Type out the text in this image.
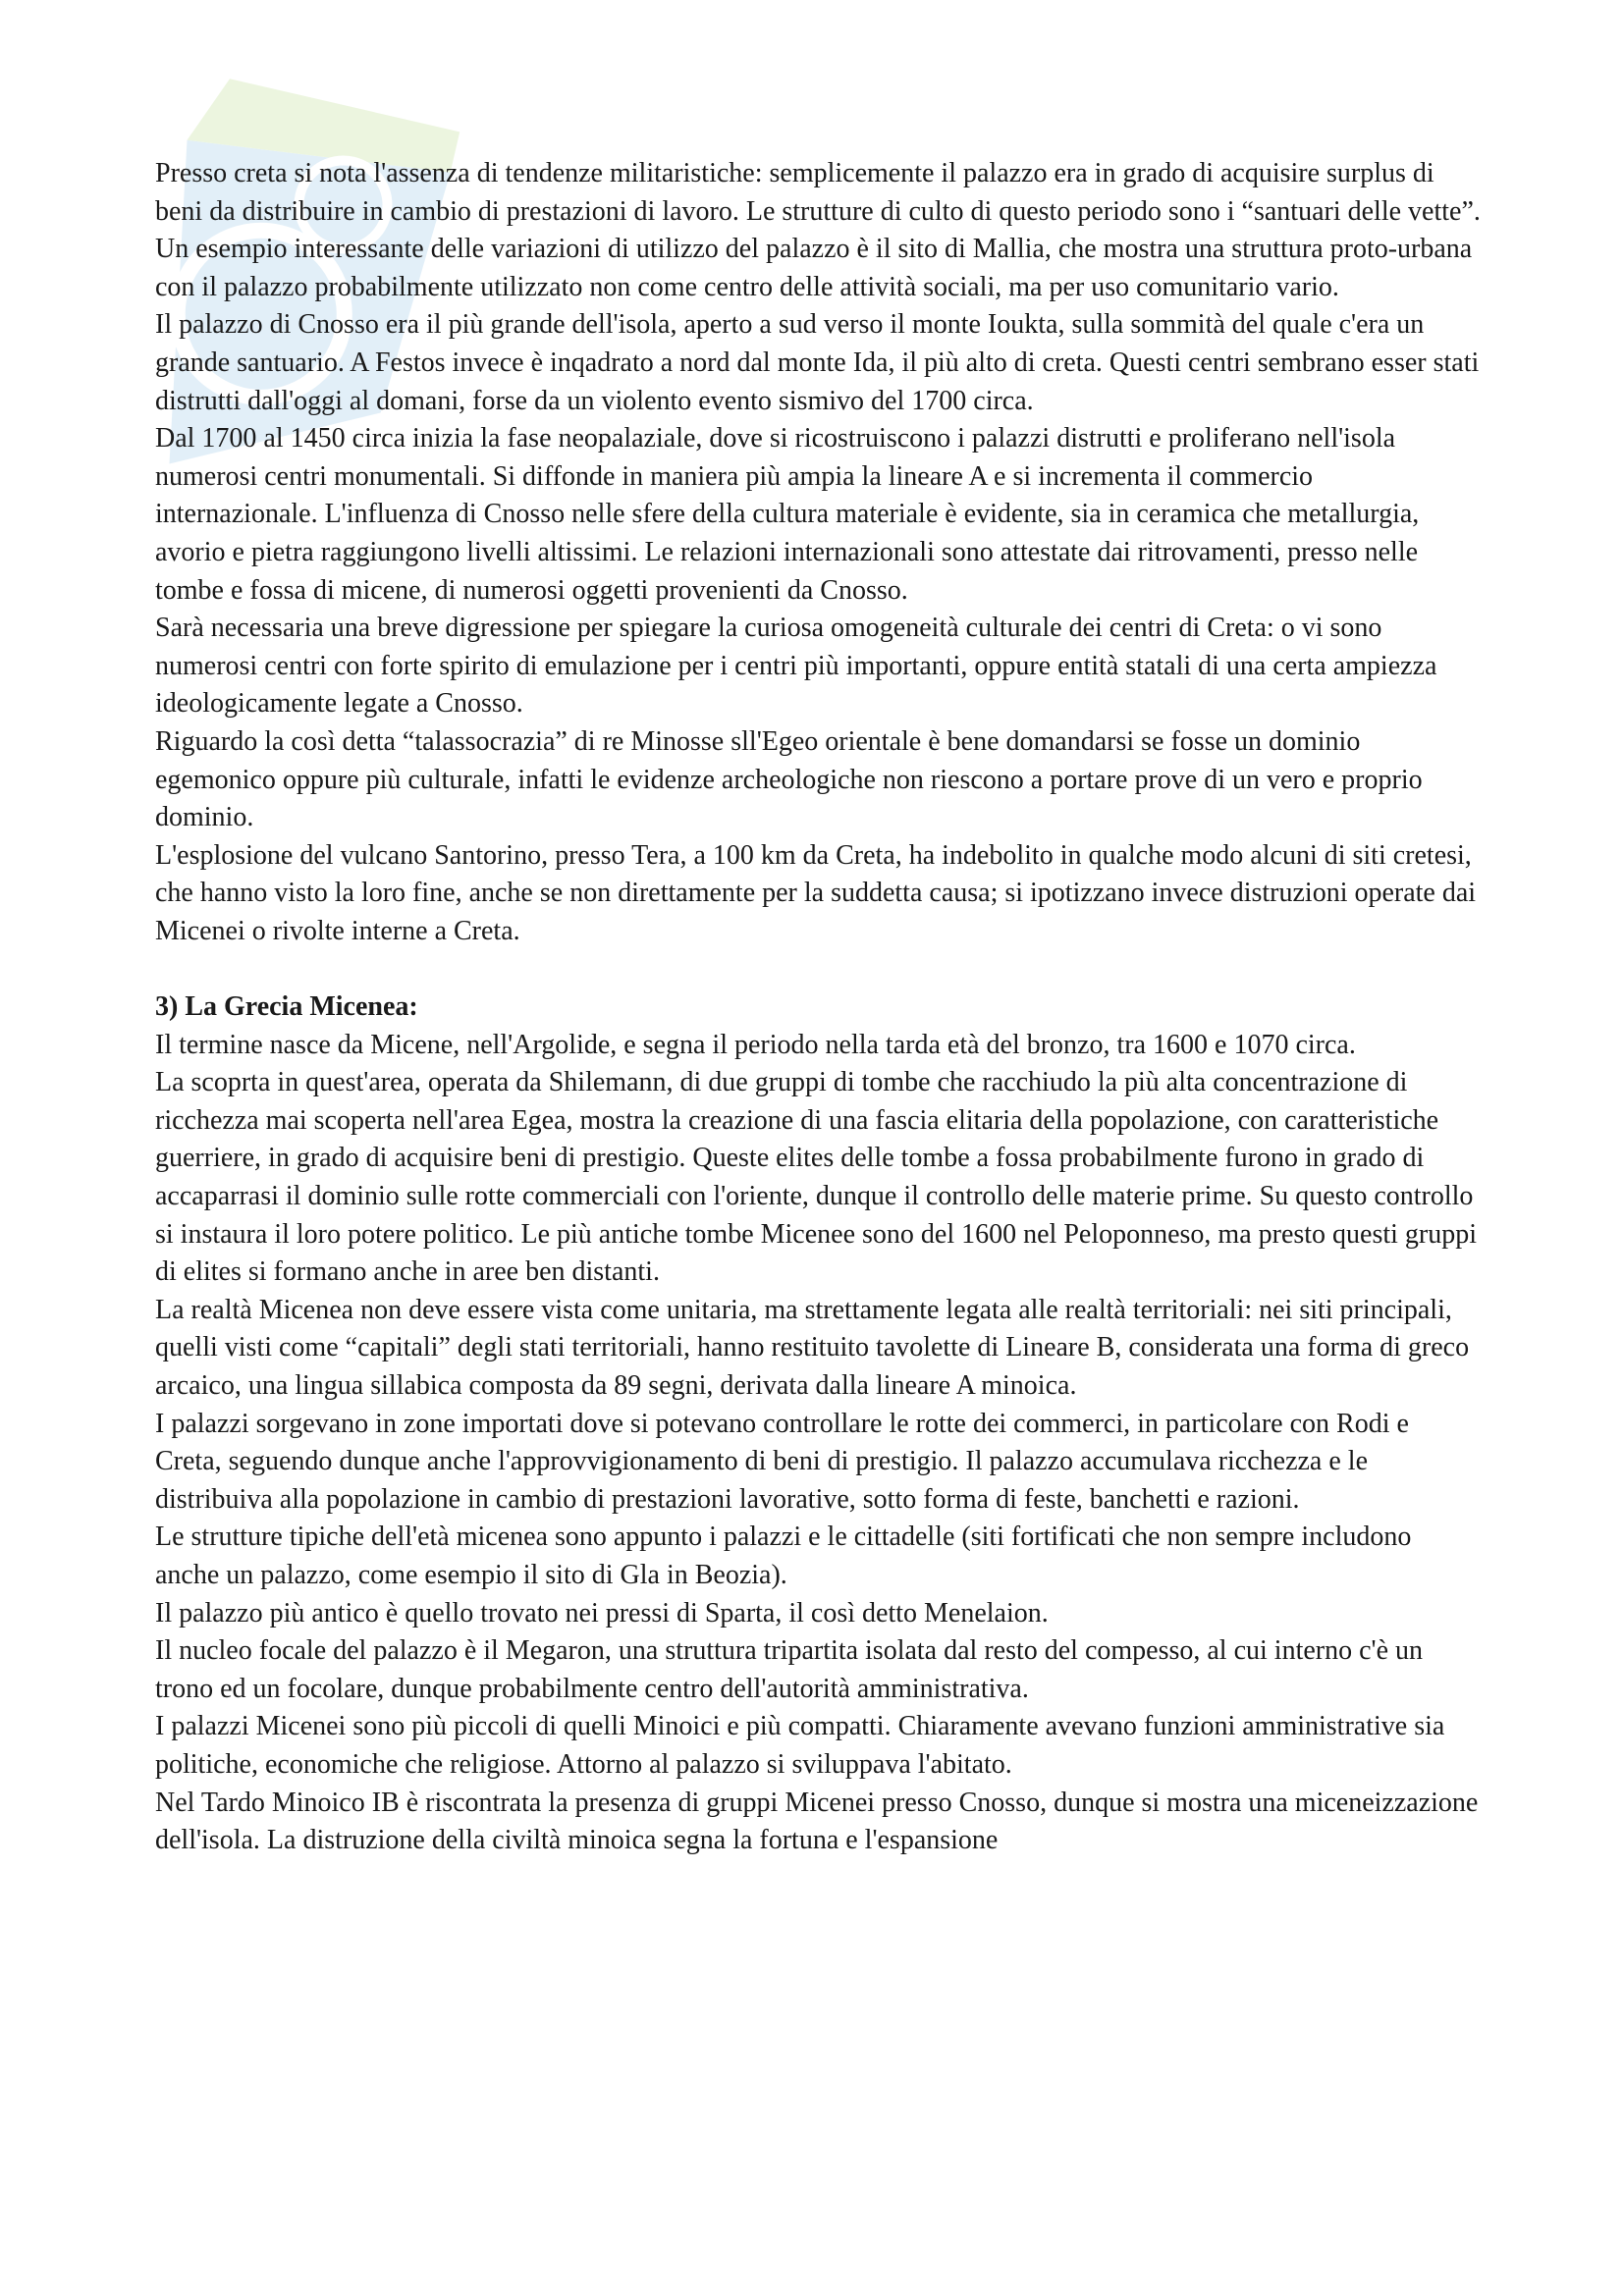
Presso creta si nota l'assenza di tendenze militaristiche: semplicemente il palazzo era in grado di acquisire surplus di beni da distribuire in cambio di prestazioni di lavoro. Le strutture di culto di questo periodo sono i “santuari delle vette”. Un esempio interessante delle variazioni di utilizzo del palazzo è il sito di Mallia, che mostra una struttura proto-urbana con il palazzo probabilmente utilizzato non come centro delle attività sociali, ma per uso comunitario vario.

Il palazzo di Cnosso era il più grande dell'isola, aperto a sud verso il monte Ioukta, sulla sommità del quale c'era un grande santuario. A Festos invece è inqadrato a nord dal monte Ida, il più alto di creta. Questi centri sembrano esser stati distrutti dall'oggi al domani, forse da un violento evento sismivo del 1700 circa.

Dal 1700 al 1450 circa inizia la fase neopalaziale, dove si ricostruiscono i palazzi distrutti e proliferano nell'isola numerosi centri monumentali. Si diffonde in maniera più ampia la lineare A e si incrementa il commercio internazionale. L'influenza di Cnosso nelle sfere della cultura materiale è evidente, sia in ceramica che metallurgia, avorio e pietra raggiungono livelli altissimi. Le relazioni internazionali sono attestate dai ritrovamenti, presso nelle tombe e fossa di micene, di numerosi oggetti provenienti da Cnosso.

Sarà necessaria una breve digressione per spiegare la curiosa omogeneità culturale dei centri di Creta: o vi sono numerosi centri con forte spirito di emulazione per i centri più importanti, oppure entità statali di una certa ampiezza ideologicamente legate a Cnosso.

Riguardo la così detta “talassocrazia” di re Minosse sll'Egeo orientale è bene domandarsi se fosse un dominio egemonico oppure più culturale, infatti le evidenze archeologiche non riescono a portare prove di un vero e proprio dominio.

L'esplosione del vulcano Santorino, presso Tera, a 100 km da Creta, ha indebolito in qualche modo alcuni di siti cretesi, che hanno visto la loro fine, anche se non direttamente per la suddetta causa; si ipotizzano invece distruzioni operate dai Micenei o rivolte interne a Creta.

3) La Grecia Micenea:

Il termine nasce da Micene, nell'Argolide, e segna il periodo nella tarda età del bronzo, tra 1600 e 1070 circa.

La scoprta in quest'area, operata da Shilemann, di due gruppi di tombe che racchiudo la più alta concentrazione di ricchezza mai scoperta nell'area Egea, mostra la creazione di una fascia elitaria della popolazione, con caratteristiche guerriere, in grado di acquisire beni di prestigio. Queste elites delle tombe a fossa probabilmente furono in grado di accaparrasi il dominio sulle rotte commerciali con l'oriente, dunque il controllo delle materie prime. Su questo controllo si instaura il loro potere politico. Le più antiche tombe Micenee sono del 1600 nel Peloponneso, ma presto questi gruppi di elites si formano anche in aree ben distanti.

La realtà Micenea non deve essere vista come unitaria, ma strettamente legata alle realtà territoriali: nei siti principali, quelli visti come “capitali” degli stati territoriali, hanno restituito tavolette di Lineare B, considerata una forma di greco arcaico, una lingua sillabica composta da 89 segni, derivata dalla lineare A minoica.

I palazzi sorgevano in zone importati dove si potevano controllare le rotte dei commerci, in particolare con Rodi e Creta, seguendo dunque anche l'approvvigionamento di beni di prestigio. Il palazzo accumulava ricchezza e le distribuiva alla popolazione in cambio di prestazioni lavorative, sotto forma di feste, banchetti e razioni.

Le strutture tipiche dell'età micenea sono appunto i palazzi e le cittadelle (siti fortificati che non sempre includono anche un palazzo, come esempio il sito di Gla in Beozia).

Il palazzo più antico è quello trovato nei pressi di Sparta, il così detto Menelaion.

Il nucleo focale del palazzo è il Megaron, una struttura tripartita isolata dal resto del compesso, al cui interno c'è un trono ed un focolare, dunque probabilmente centro dell'autorità amministrativa.

I palazzi Micenei sono più piccoli di quelli Minoici e più compatti. Chiaramente avevano funzioni amministrative sia politiche, economiche che religiose. Attorno al palazzo si sviluppava l'abitato.

Nel Tardo Minoico IB è riscontrata la presenza di gruppi Micenei presso Cnosso, dunque si mostra una miceneizzazione dell'isola. La distruzione della civiltà minoica segna la fortuna e l'espansione
